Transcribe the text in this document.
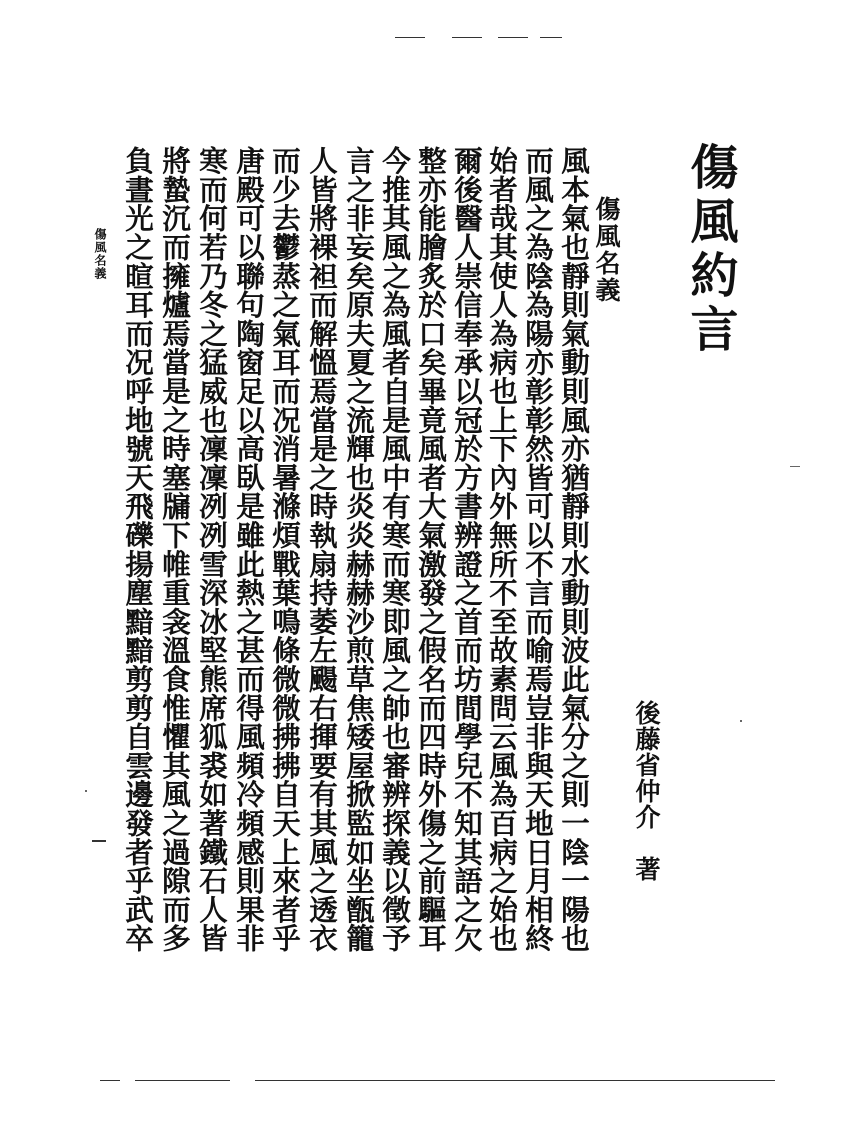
傷風約言
傷風名義
後藤省仲介　著
風本氣也靜則氣動則風亦猶靜則水動則波此氣分之則一陰一陽也
而風之為陰為陽亦彰彰然皆可以不言而喻焉豈非與天地日月相終
始者哉其使人為病也上下內外無所不至故素問云風為百病之始也
爾後醫人崇信奉承以冠於方書辨證之首而坊間學兒不知其語之欠
整亦能膾炙於口矣畢竟風者大氣激發之假名而四時外傷之前驅耳
今推其風之為風者自是風中有寒而寒即風之帥也審辨探義以徵予
言之非妄矣原夫夏之流輝也炎炎赫赫沙煎草焦矮屋掀監如坐甑籠
人皆將裸袒而解慍焉當是之時執扇持萎左颺右揮要有其風之透衣
而少去鬱蒸之氣耳而况消暑滌煩戰葉鳴條微微拂拂自天上來者乎
唐殿可以聯句陶窗足以高臥是雖此熱之甚而得風頻冷頻感則果非
寒而何若乃冬之猛威也凜凜冽冽雪深冰堅熊席狐裘如著鐵石人皆
將蟄沉而擁爐焉當是之時塞牖下帷重衾溫食惟懼其風之過隙而多
負晝光之暄耳而况呼地號天飛礫揚塵黯黯剪剪自雲邊發者乎武卒
傷風名義
